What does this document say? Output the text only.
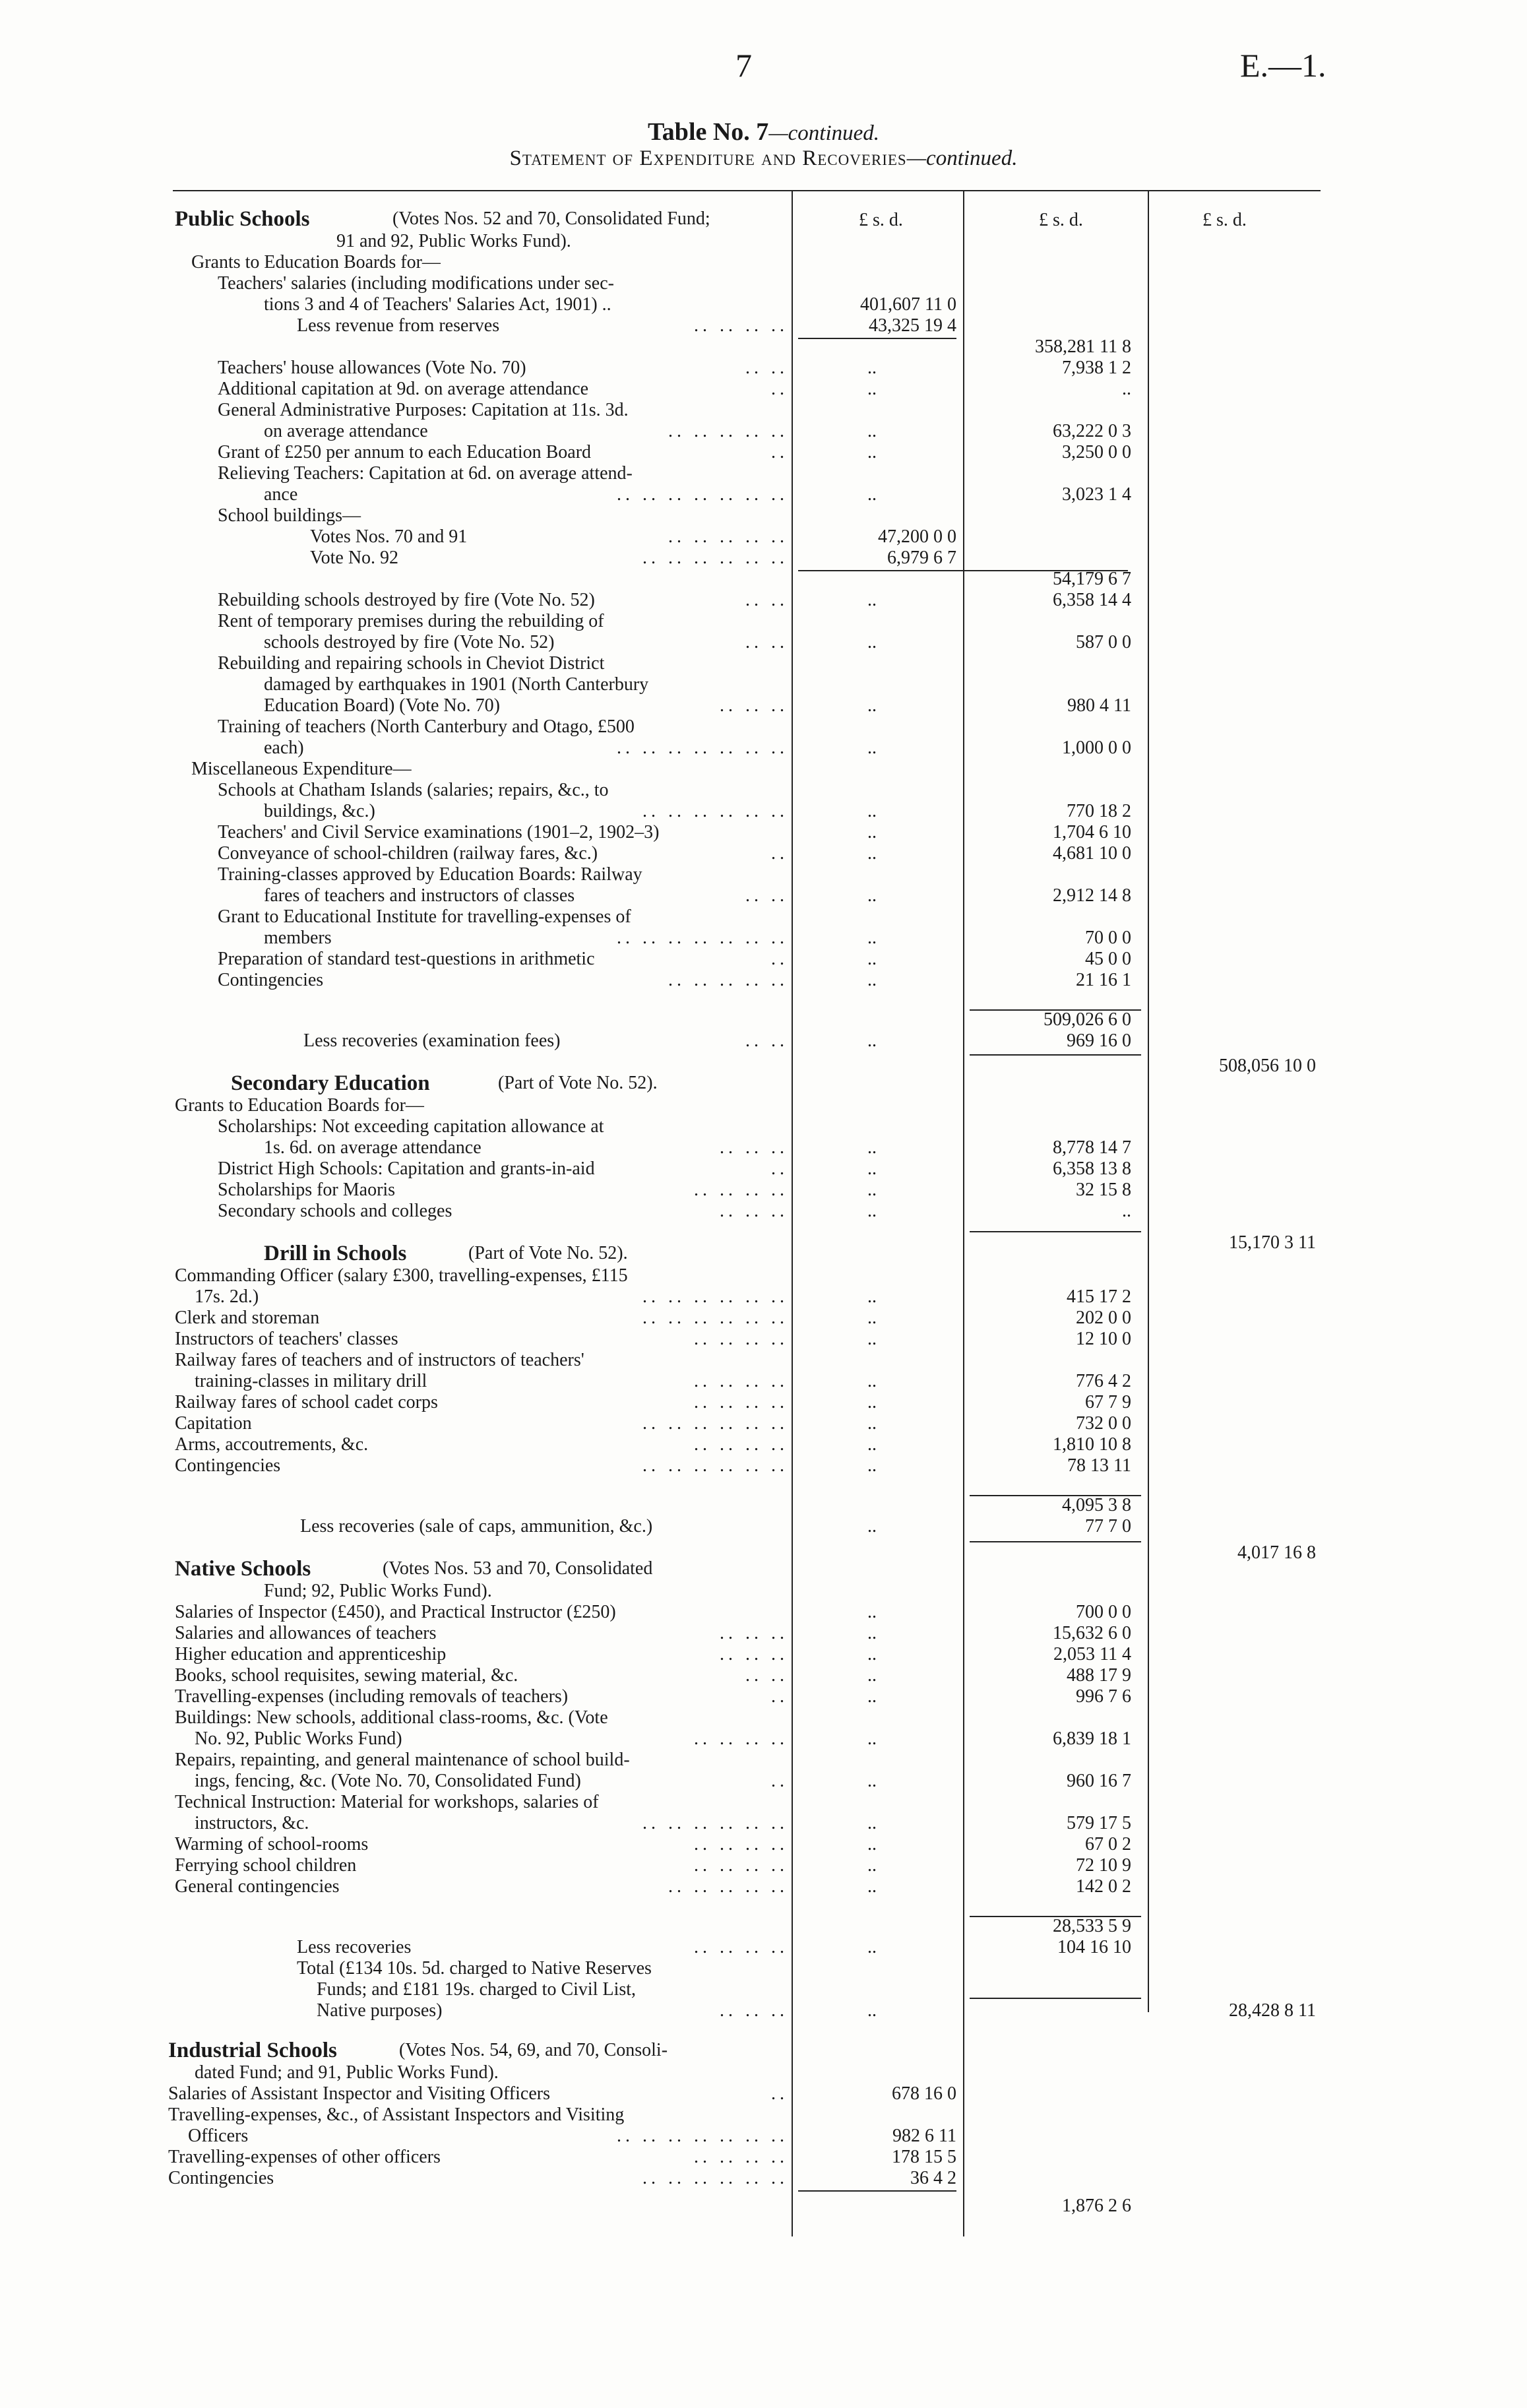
7	E.—1.
Table No. 7—continued.
Statement of Expenditure and Recoveries—continued.
£ s. d.	£ s. d.	£ s. d.
Public Schools	(Votes Nos. 52 and 70, Consolidated Fund;
91 and 92, Public Works Fund).
Grants to Education Boards for—
Teachers' salaries (including modifications under sec-
tions 3 and 4 of Teachers' Salaries Act, 1901) ..	401,607 11 0
Less revenue from reserves	.. .. .. ..	43,325 19 4
358,281 11 8
Teachers' house allowances (Vote No. 70)	.. ..	..	7,938 1 2
Additional capitation at 9d. on average attendance	..	..	..
General Administrative Purposes: Capitation at 11s. 3d.
on average attendance	.. .. .. .. ..	..	63,222 0 3
Grant of £250 per annum to each Education Board	..	..	3,250 0 0
Relieving Teachers: Capitation at 6d. on average attend-
ance	.. .. .. .. .. .. ..	..	3,023 1 4
School buildings—
Votes Nos. 70 and 91	.. .. .. .. ..	47,200 0 0
Vote No. 92	.. .. .. .. .. ..	6,979 6 7
54,179 6 7
Rebuilding schools destroyed by fire (Vote No. 52)	.. ..	..	6,358 14 4
Rent of temporary premises during the rebuilding of
schools destroyed by fire (Vote No. 52)	.. ..	..	587 0 0
Rebuilding and repairing schools in Cheviot District
damaged by earthquakes in 1901 (North Canterbury
Education Board) (Vote No. 70)	.. .. ..	..	980 4 11
Training of teachers (North Canterbury and Otago, £500
each)	.. .. .. .. .. .. ..	..	1,000 0 0
Miscellaneous Expenditure—
Schools at Chatham Islands (salaries; repairs, &c., to
buildings, &c.)	.. .. .. .. .. ..	..	770 18 2
Teachers' and Civil Service examinations (1901–2, 1902–3)	..	1,704 6 10
Conveyance of school-children (railway fares, &c.)	..	..	4,681 10 0
Training-classes approved by Education Boards: Railway
fares of teachers and instructors of classes	.. ..	..	2,912 14 8
Grant to Educational Institute for travelling-expenses of
members	.. .. .. .. .. .. ..	..	70 0 0
Preparation of standard test-questions in arithmetic	..	..	45 0 0
Contingencies	.. .. .. .. ..	..	21 16 1
509,026 6 0
Less recoveries (examination fees)	.. ..	..	969 16 0
508,056 10 0
Secondary Education	(Part of Vote No. 52).
Grants to Education Boards for—
Scholarships: Not exceeding capitation allowance at
1s. 6d. on average attendance	.. .. ..	..	8,778 14 7
District High Schools: Capitation and grants-in-aid	..	..	6,358 13 8
Scholarships for Maoris	.. .. .. ..	..	32 15 8
Secondary schools and colleges	.. .. ..	..	..
15,170 3 11
Drill in Schools	(Part of Vote No. 52).
Commanding Officer (salary £300, travelling-expenses, £115
17s. 2d.)	.. .. .. .. .. ..	..	415 17 2
Clerk and storeman	.. .. .. .. .. ..	..	202 0 0
Instructors of teachers' classes	.. .. .. ..	..	12 10 0
Railway fares of teachers and of instructors of teachers'
training-classes in military drill	.. .. .. ..	..	776 4 2
Railway fares of school cadet corps	.. .. .. ..	..	67 7 9
Capitation	.. .. .. .. .. ..	..	732 0 0
Arms, accoutrements, &c.	.. .. .. ..	..	1,810 10 8
Contingencies	.. .. .. .. .. ..	..	78 13 11
4,095 3 8
Less recoveries (sale of caps, ammunition, &c.)	..	77 7 0
4,017 16 8
Native Schools	(Votes Nos. 53 and 70, Consolidated
Fund; 92, Public Works Fund).
Salaries of Inspector (£450), and Practical Instructor (£250)	..	700 0 0
Salaries and allowances of teachers	.. .. ..	..	15,632 6 0
Higher education and apprenticeship	.. .. ..	..	2,053 11 4
Books, school requisites, sewing material, &c.	.. ..	..	488 17 9
Travelling-expenses (including removals of teachers)	..	..	996 7 6
Buildings: New schools, additional class-rooms, &c. (Vote
No. 92, Public Works Fund)	.. .. .. ..	..	6,839 18 1
Repairs, repainting, and general maintenance of school build-
ings, fencing, &c. (Vote No. 70, Consolidated Fund)	..	..	960 16 7
Technical Instruction: Material for workshops, salaries of
instructors, &c.	.. .. .. .. .. ..	..	579 17 5
Warming of school-rooms	.. .. .. ..	..	67 0 2
Ferrying school children	.. .. .. ..	..	72 10 9
General contingencies	.. .. .. .. ..	..	142 0 2
28,533 5 9
Less recoveries	.. .. .. ..	..	104 16 10
Total (£134 10s. 5d. charged to Native Reserves
Funds; and £181 19s. charged to Civil List,
Native purposes)	.. .. ..	..	28,428 8 11
Industrial Schools	(Votes Nos. 54, 69, and 70, Consoli-
dated Fund; and 91, Public Works Fund).
Salaries of Assistant Inspector and Visiting Officers	..	678 16 0
Travelling-expenses, &c., of Assistant Inspectors and Visiting
Officers	.. .. .. .. .. .. ..	982 6 11
Travelling-expenses of other officers	.. .. .. ..	178 15 5
Contingencies	.. .. .. .. .. ..	36 4 2
1,876 2 6
